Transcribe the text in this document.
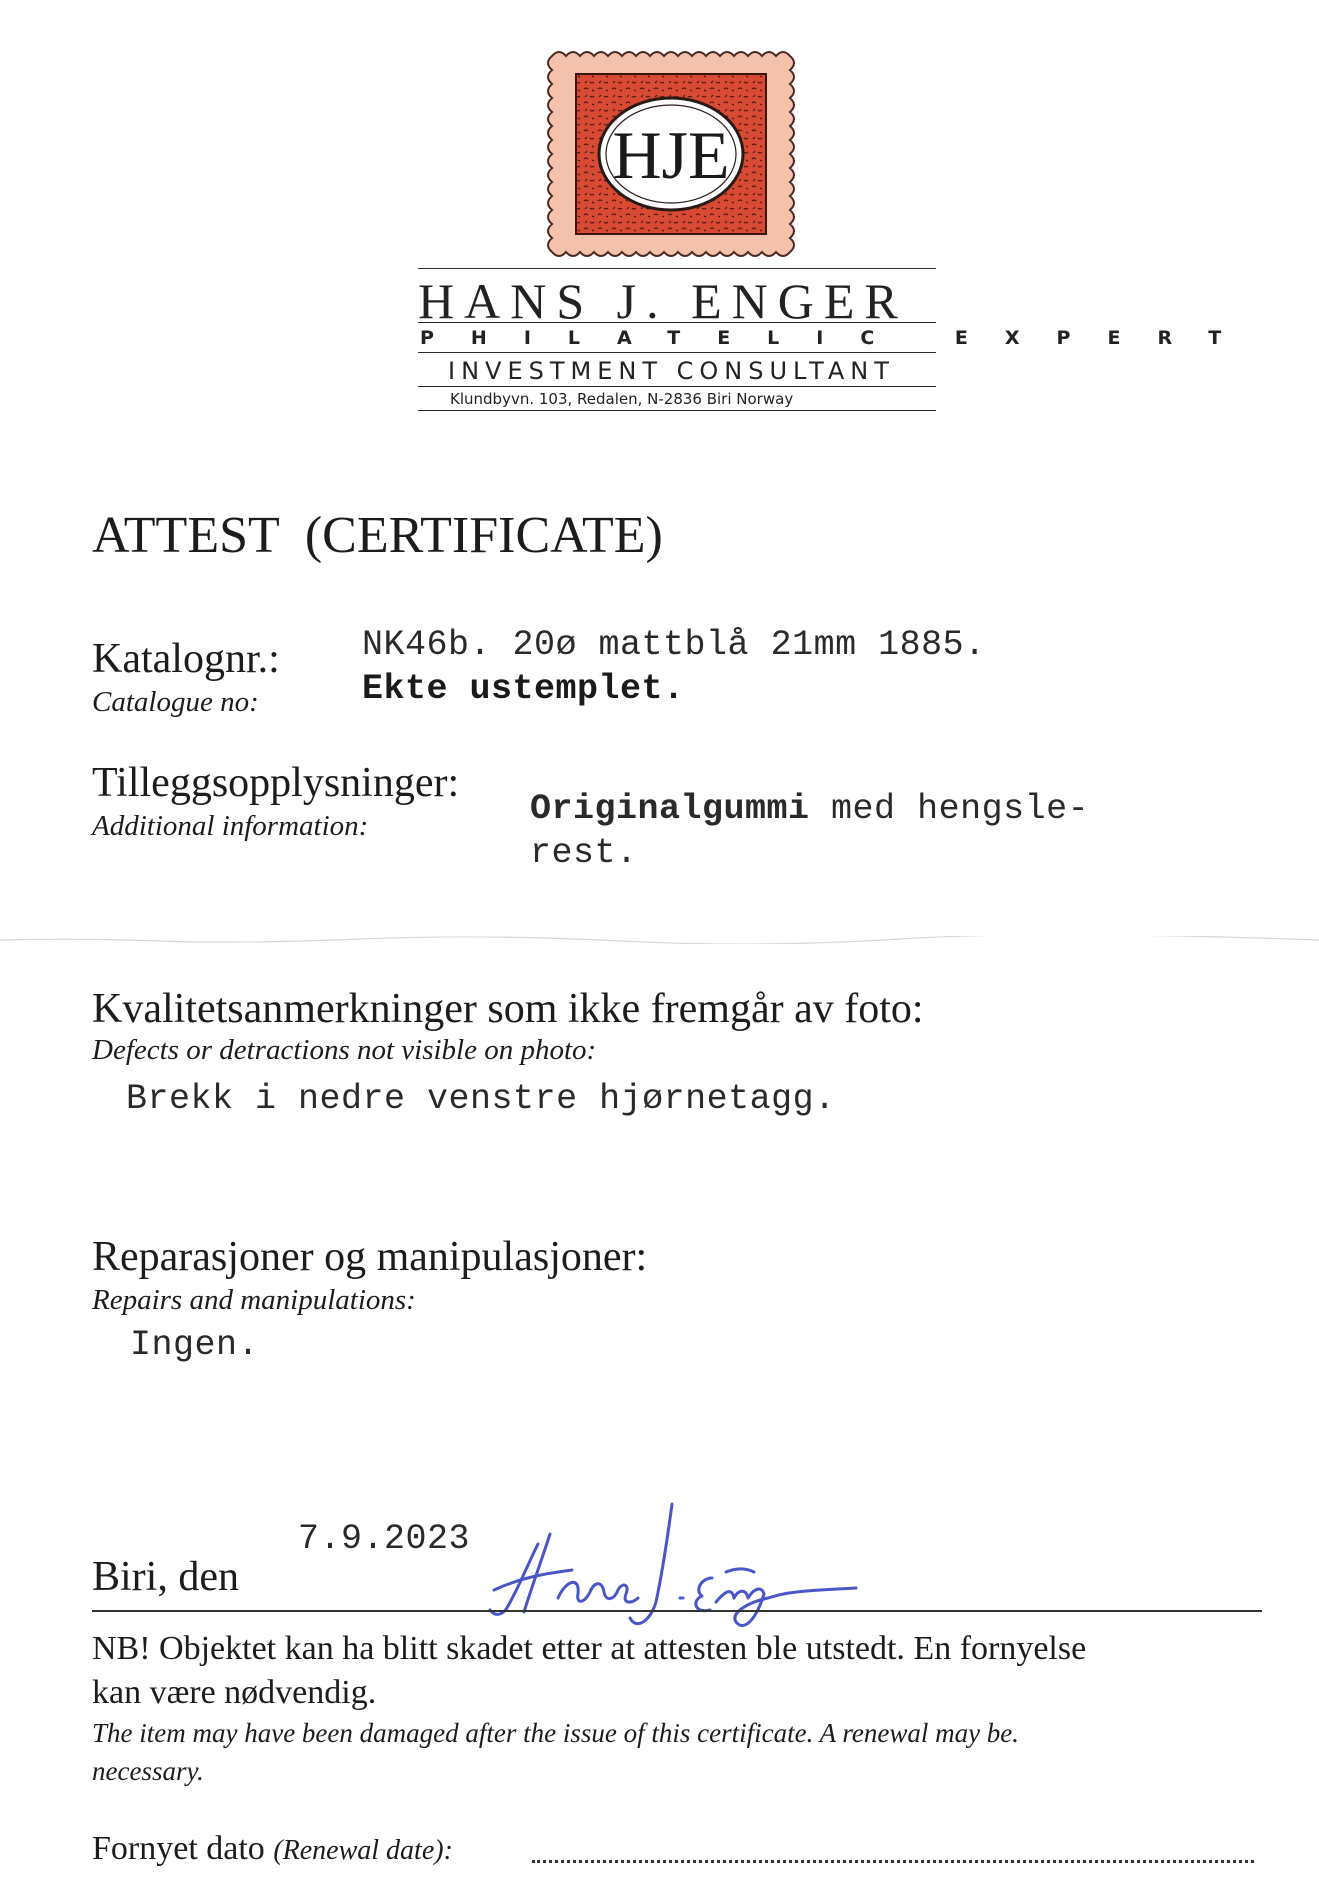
HJE
HANS J. ENGER
PHILATELIC EXPERT
INVESTMENT CONSULTANT
Klundbyvn. 103, Redalen, N-2836 Biri Norway
ATTEST  (CERTIFICATE)
Katalognr.:
Catalogue no:
NK46b. 20ø mattblå 21mm 1885.
Ekte ustemplet.
Tilleggsopplysninger:
Additional information:	Originalgummi med hengsle-
rest.
Kvalitetsanmerkninger som ikke fremgår av foto:
Defects or detractions not visible on photo:
Brekk i nedre venstre hjørnetagg.
Reparasjoner og manipulasjoner:
Repairs and manipulations:
Ingen.
Biri, den
7.9.2023
NB! Objektet kan ha blitt skadet etter at attesten ble utstedt. En fornyelse
kan være nødvendig.
The item may have been damaged after the issue of this certificate. A renewal may be.
necessary.
Fornyet dato (Renewal date):
